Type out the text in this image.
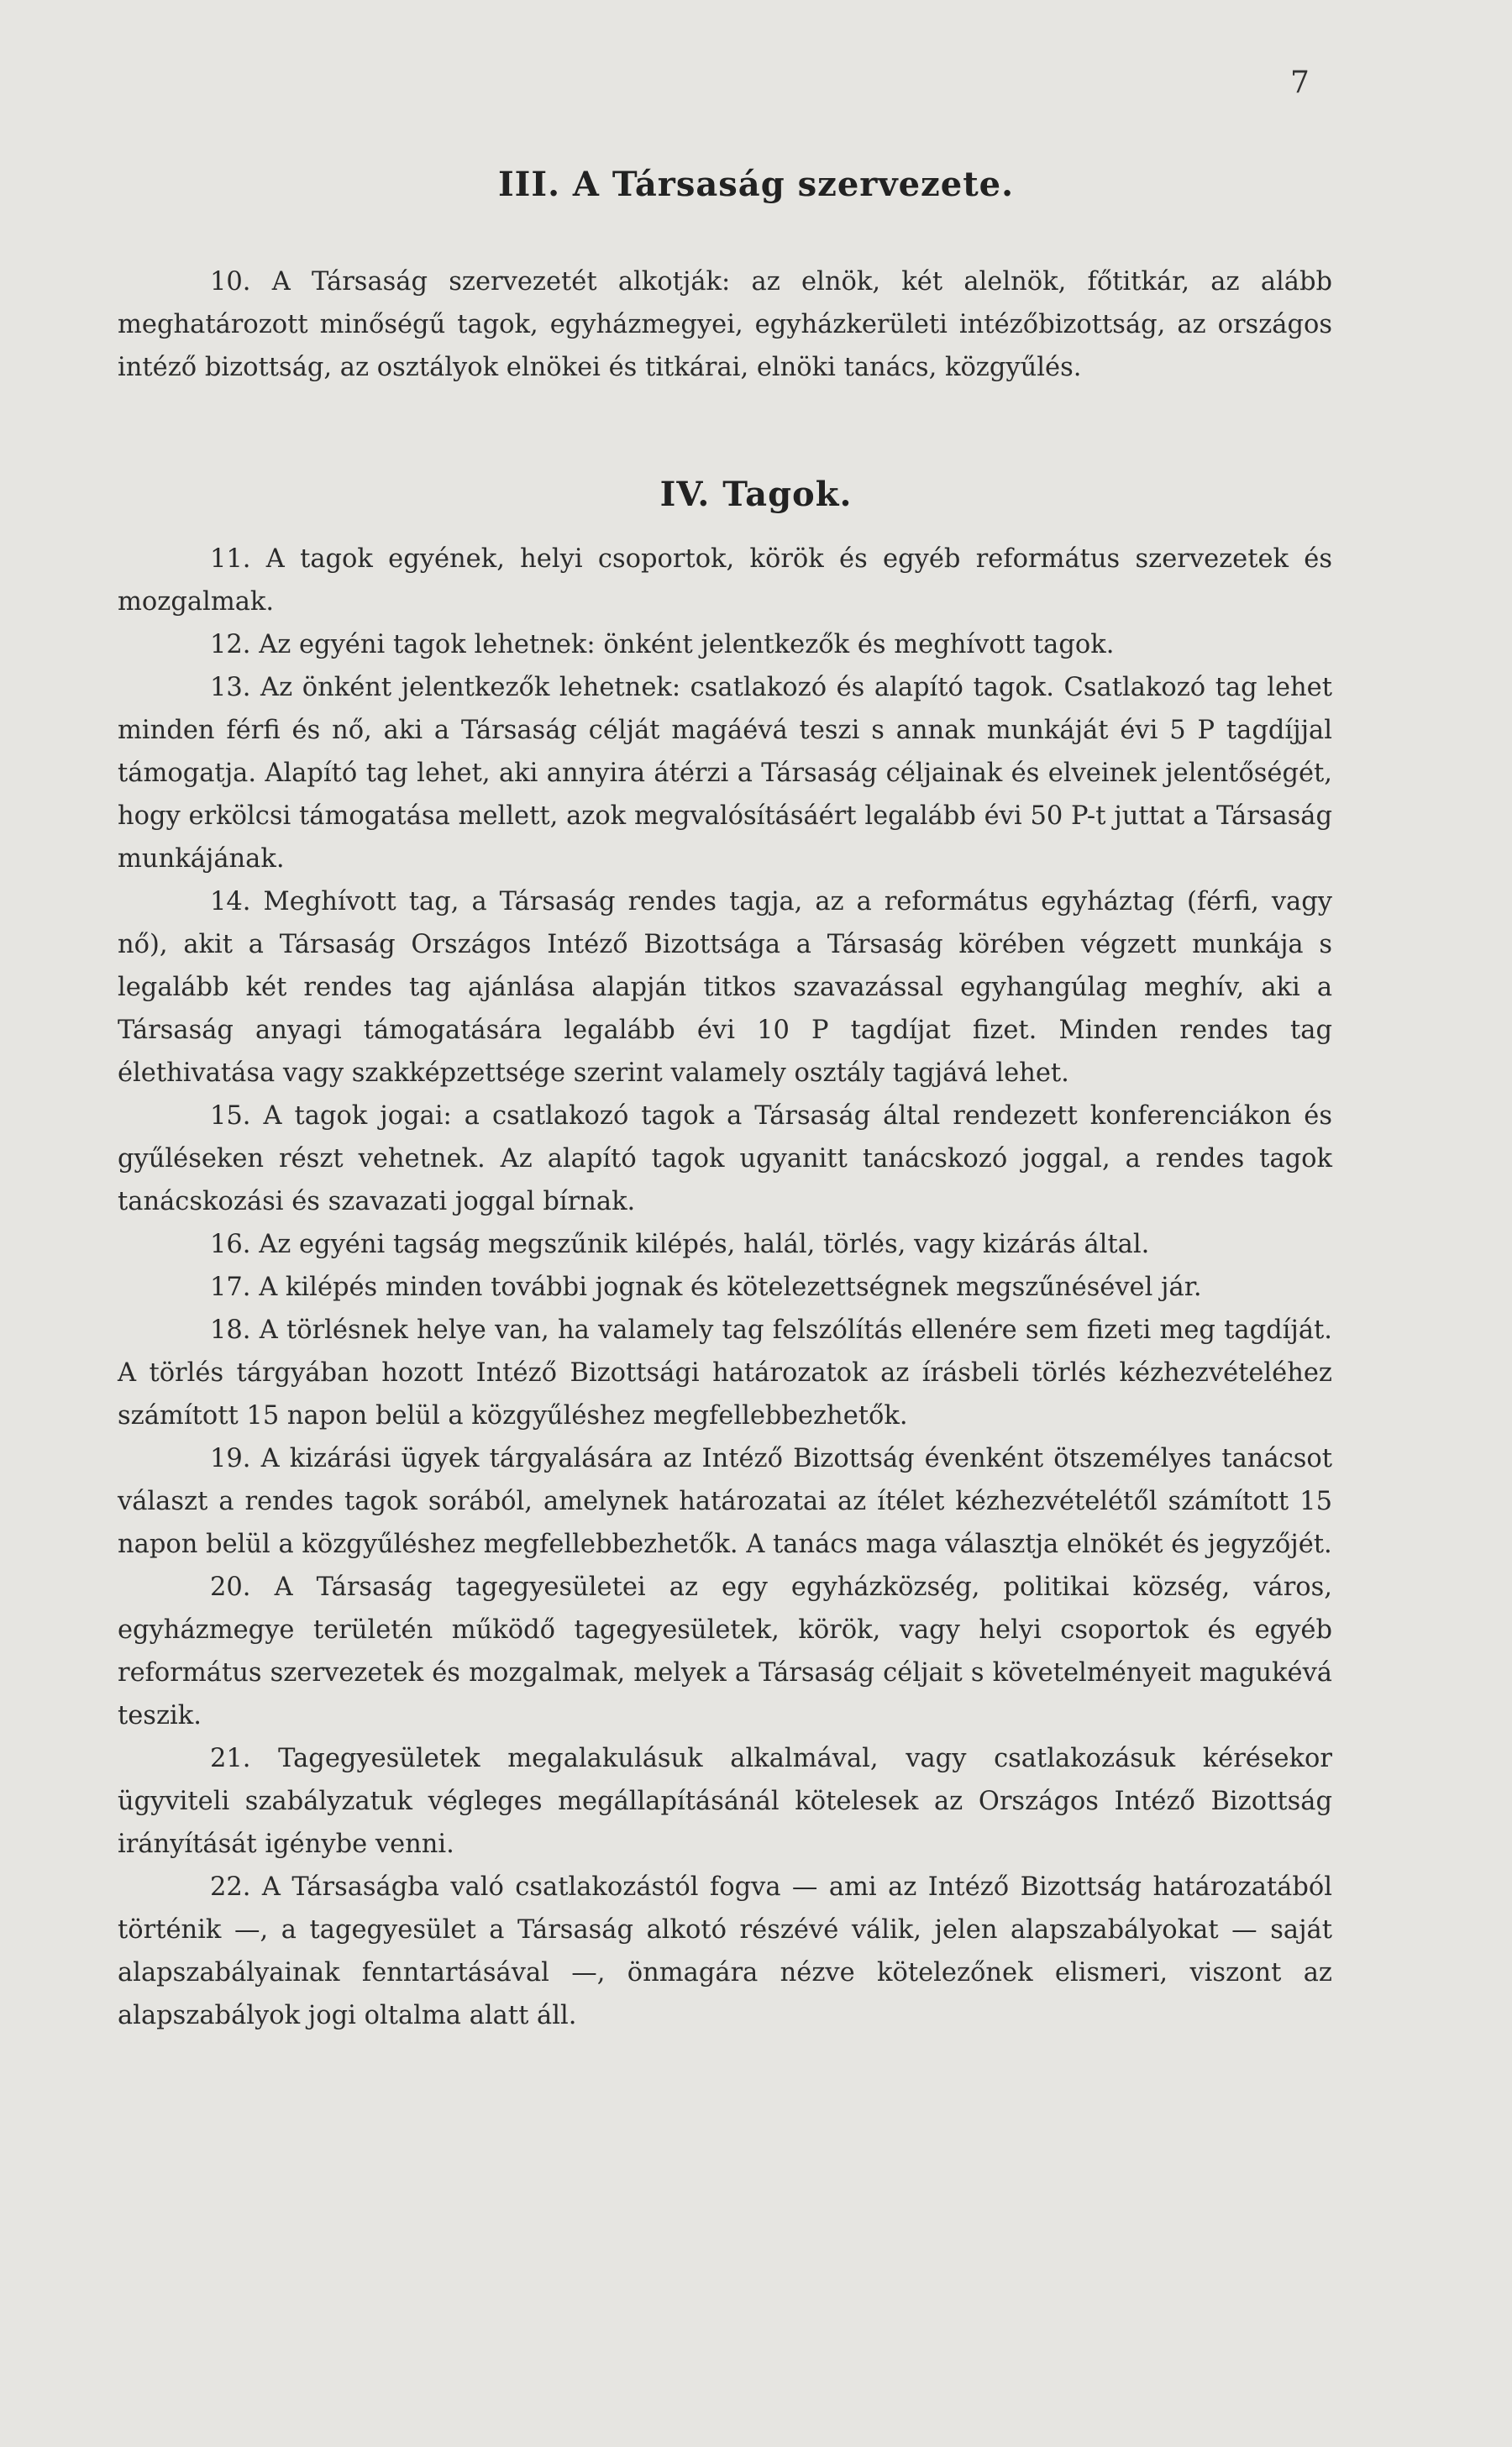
7
III. A Társaság szervezete.

10. A Társaság szervezetét alkotják: az elnök, két alelnök, főtitkár, az alább meghatározott minőségű tagok, egyházmegyei, egyházkerületi intézőbizottság, az országos intéző bizottság, az osztályok elnökei és titkárai, elnöki tanács, közgyűlés.

IV. Tagok.

11. A tagok egyének, helyi csoportok, körök és egyéb református szervezetek és mozgalmak.

12. Az egyéni tagok lehetnek: önként jelentkezők és meghívott tagok.

13. Az önként jelentkezők lehetnek: csatlakozó és alapító tagok. Csatlakozó tag lehet minden férfi és nő, aki a Társaság célját magáévá teszi s annak munkáját évi 5 P tagdíjjal támogatja. Alapító tag lehet, aki annyira átérzi a Társaság céljainak és elveinek jelentőségét, hogy erkölcsi támogatása mellett, azok megvalósításáért legalább évi 50 P-t juttat a Társaság munkájának.

14. Meghívott tag, a Társaság rendes tagja, az a református egyháztag (férfi, vagy nő), akit a Társaság Országos Intéző Bizottsága a Társaság körében végzett munkája s legalább két rendes tag ajánlása alapján titkos szavazással egyhangúlag meghív, aki a Társaság anyagi támogatására legalább évi 10 P tagdíjat fizet. Minden rendes tag élethivatása vagy szakképzettsége szerint valamely osztály tagjává lehet.

15. A tagok jogai: a csatlakozó tagok a Társaság által rendezett konferenciákon és gyűléseken részt vehetnek. Az alapító tagok ugyanitt tanácskozó joggal, a rendes tagok tanácskozási és szavazati joggal bírnak.

16. Az egyéni tagság megszűnik kilépés, halál, törlés, vagy kizárás által.

17. A kilépés minden további jognak és kötelezettségnek megszűnésével jár.

18. A törlésnek helye van, ha valamely tag felszólítás ellenére sem fizeti meg tagdíját. A törlés tárgyában hozott Intéző Bizottsági határozatok az írásbeli törlés kézhezvételéhez számított 15 napon belül a közgyűléshez megfellebbezhetők.

19. A kizárási ügyek tárgyalására az Intéző Bizottság évenként ötszemélyes tanácsot választ a rendes tagok sorából, amelynek határozatai az ítélet kézhezvételétől számított 15 napon belül a közgyűléshez megfellebbezhetők. A tanács maga választja elnökét és jegyzőjét.

20. A Társaság tagegyesületei az egy egyházközség, politikai község, város, egyházmegye területén működő tagegyesületek, körök, vagy helyi csoportok és egyéb református szervezetek és mozgalmak, melyek a Társaság céljait s követelményeit magukévá teszik.

21. Tagegyesületek megalakulásuk alkalmával, vagy csatlakozásuk kérésekor ügyviteli szabályzatuk végleges megállapításánál kötelesek az Országos Intéző Bizottság irányítását igénybe venni.

22. A Társaságba való csatlakozástól fogva — ami az Intéző Bizottság határozatából történik —, a tagegyesület a Társaság alkotó részévé válik, jelen alapszabályokat — saját alapszabályainak fenntartásával —, önmagára nézve kötelezőnek elismeri, viszont az alapszabályok jogi oltalma alatt áll.
